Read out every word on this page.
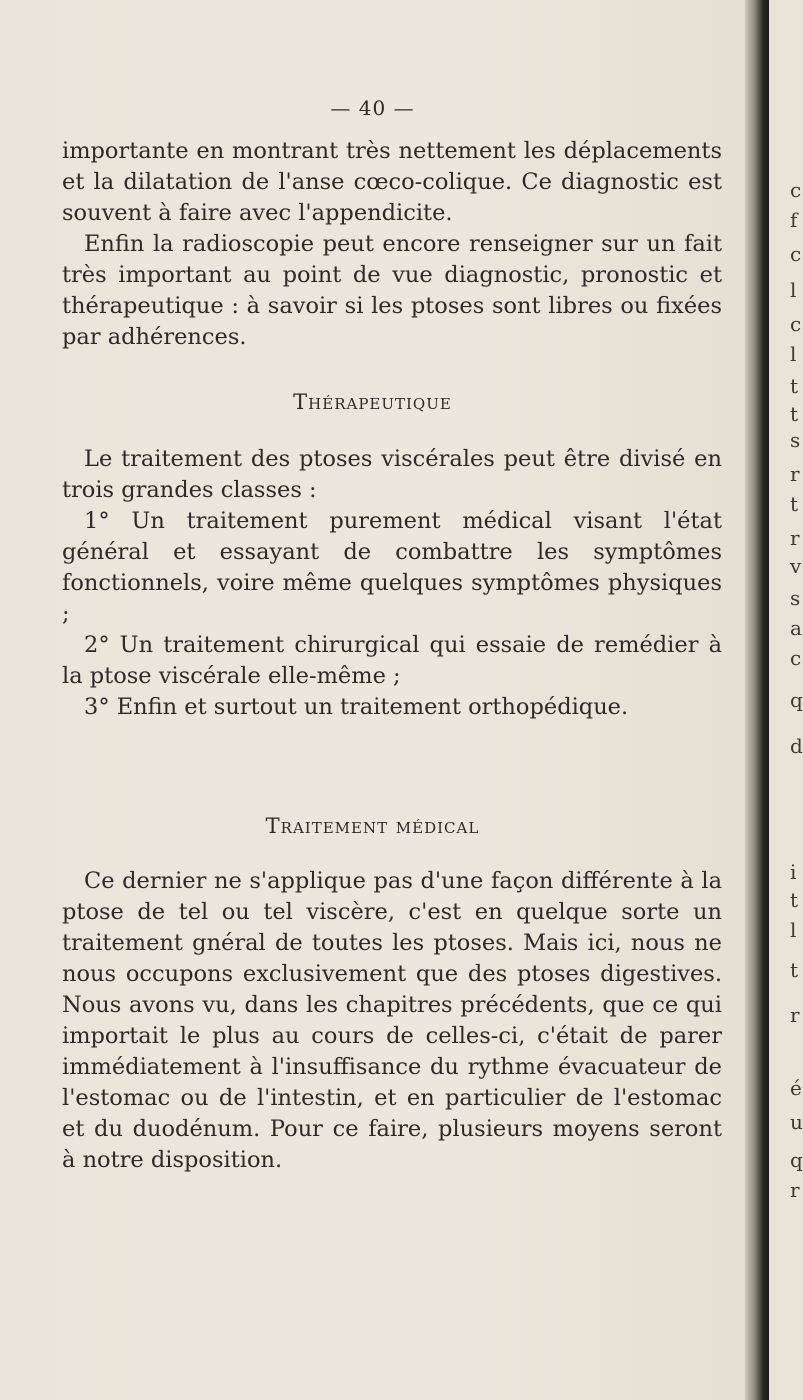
c
f
c
l
c
l
t
t
s
r
t
r
v
s
a
c
q
d
i
t
l
t
r
é
u
q
r
— 40 —

importante en montrant très nettement les déplacements et la dilatation de l'anse cœco-colique. Ce diagnostic est souvent à faire avec l'appendicite.

Enfin la radioscopie peut encore renseigner sur un fait très important au point de vue diagnostic, pronostic et thérapeutique : à savoir si les ptoses sont libres ou fixées par adhérences.

Thérapeutique

Le traitement des ptoses viscérales peut être divisé en trois grandes classes :

1° Un traitement purement médical visant l'état général et essayant de combattre les symptômes fonctionnels, voire même quelques symptômes physiques ;

2° Un traitement chirurgical qui essaie de remédier à la ptose viscérale elle-même ;

3° Enfin et surtout un traitement orthopédique.

Traitement médical

Ce dernier ne s'applique pas d'une façon différente à la ptose de tel ou tel viscère, c'est en quelque sorte un traitement gnéral de toutes les ptoses. Mais ici, nous ne nous occupons exclusivement que des ptoses digestives. Nous avons vu, dans les chapitres précédents, que ce qui importait le plus au cours de celles-ci, c'était de parer immédiatement à l'insuffisance du rythme évacuateur de l'estomac ou de l'intestin, et en particulier de l'estomac et du duodénum. Pour ce faire, plusieurs moyens seront à notre disposition.
